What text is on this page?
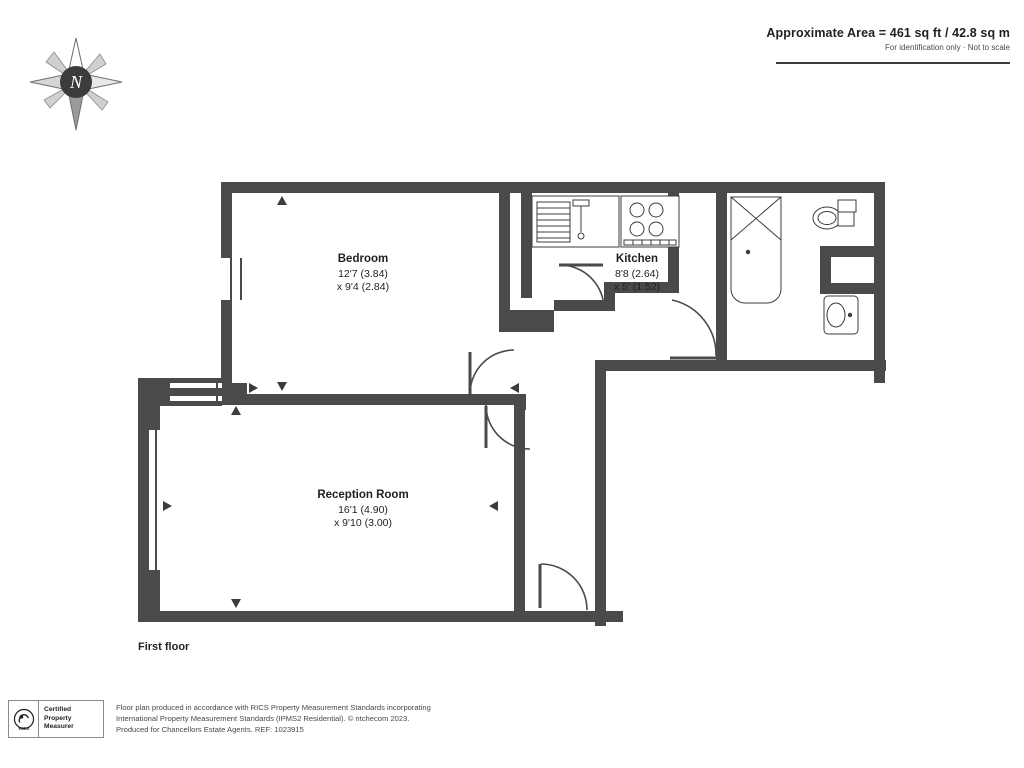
Approximate Area = 461 sq ft / 42.8 sq m
For identification only · Not to scale
N
Bedroom
12'7 (3.84)
x 9'4 (2.84)
Kitchen
8'8 (2.64)
x 5' (1.52)
Reception Room
16'1 (4.90)
x 9'10 (3.00)
First floor
RICS
Certified
Property
Measurer
Floor plan produced in accordance with RICS Property Measurement Standards incorporating
International Property Measurement Standards (IPMS2 Residential). © ntchecom 2023.
Produced for Chancellors Estate Agents. REF: 1023915
